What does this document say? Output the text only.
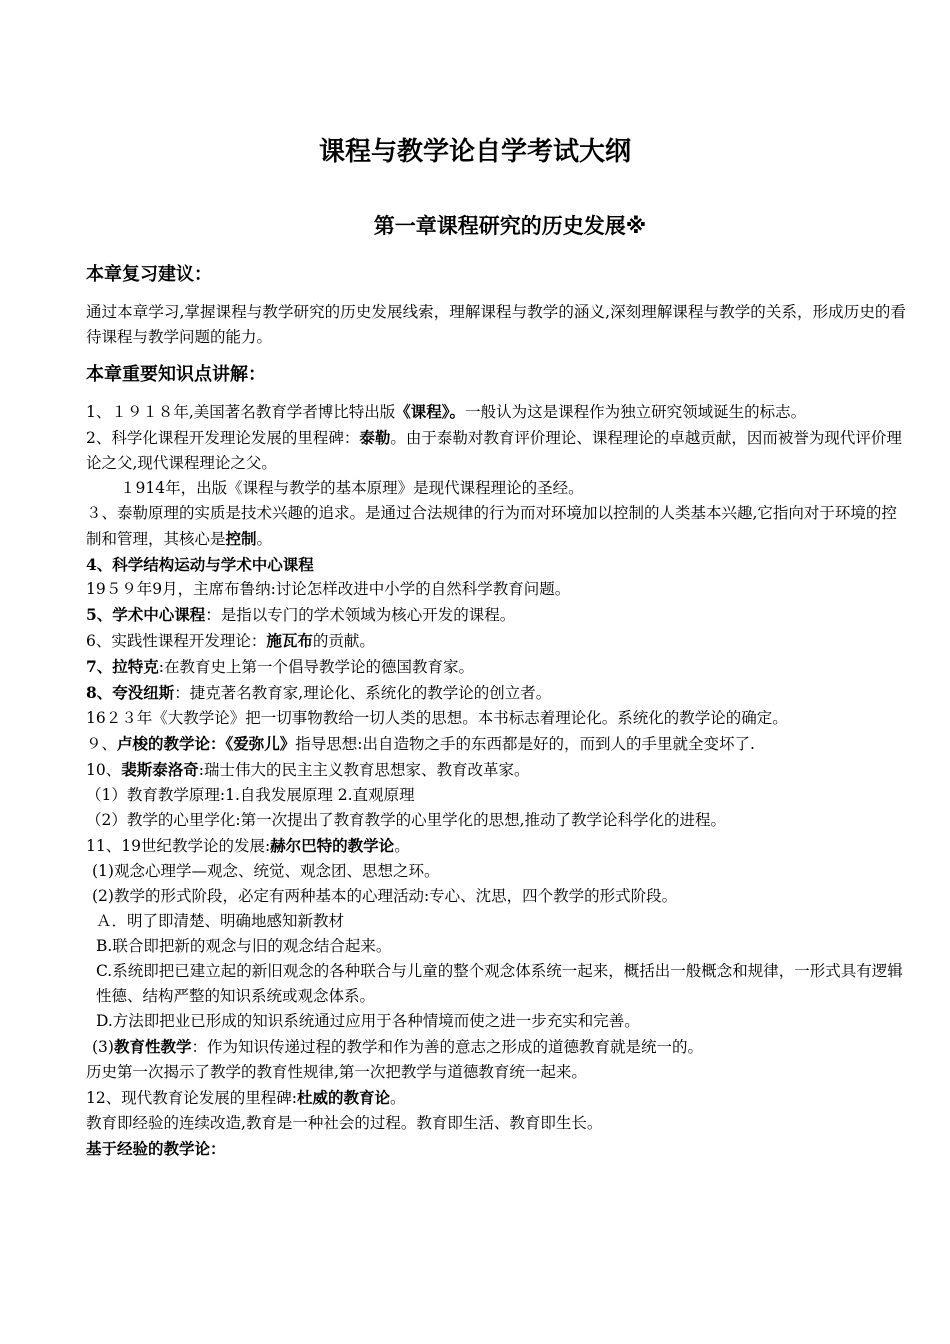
课程与教学论自学考试大纲
第一章课程研究的历史发展※
本章复习建议：
通过本章学习,掌握课程与教学研究的历史发展线索，理解课程与教学的涵义,深刻理解课程与教学的关系，形成历史的看待课程与教学问题的能力。
本章重要知识点讲解：

1、１９１８年,美国著名教育学者博比特出版《课程》。一般认为这是课程作为独立研究领域诞生的标志。

2、科学化课程开发理论发展的里程碑：泰勒。由于泰勒对教育评价理论、课程理论的卓越贡献，因而被誉为现代评价理论之父,现代课程理论之父。

１914年，出版《课程与教学的基本原理》是现代课程理论的圣经。

３、泰勒原理的实质是技术兴趣的追求。是通过合法规律的行为而对环境加以控制的人类基本兴趣,它指向对于环境的控制和管理，其核心是控制。

4、科学结构运动与学术中心课程

19５９年9月，主席布鲁纳:讨论怎样改进中小学的自然科学教育问题。

5、学术中心课程：是指以专门的学术领域为核心开发的课程。

6、实践性课程开发理论：施瓦布的贡献。

7、拉特克:在教育史上第一个倡导教学论的德国教育家。

8、夸没纽斯：捷克著名教育家,理论化、系统化的教学论的创立者。

16２３年《大教学论》把一切事物教给一切人类的思想。本书标志着理论化。系统化的教学论的确定。

９、卢梭的教学论：《爱弥儿》指导思想:出自造物之手的东西都是好的，而到人的手里就全变坏了.

10、裴斯泰洛奇:瑞士伟大的民主主义教育思想家、教育改革家。

（1）教育教学原理:1.自我发展原理 2.直观原理

（2）教学的心里学化:第一次提出了教育教学的心里学化的思想,推动了教学论科学化的进程。

11、19世纪教学论的发展:赫尔巴特的教学论。

(1)观念心理学—观念、统觉、观念团、思想之环。

(2)教学的形式阶段，必定有两种基本的心理活动:专心、沈思，四个教学的形式阶段。

Ａ．明了即清楚、明确地感知新教材

B.联合即把新的观念与旧的观念结合起来。

C.系统即把已建立起的新旧观念的各种联合与儿童的整个观念体系统一起来，概括出一般概念和规律，一形式具有逻辑性德、结构严整的知识系统或观念体系。

D.方法即把业已形成的知识系统通过应用于各种情境而使之进一步充实和完善。

(3)教育性教学：作为知识传递过程的教学和作为善的意志之形成的道德教育就是统一的。

历史第一次揭示了教学的教育性规律,第一次把教学与道德教育统一起来。

12、现代教育论发展的里程碑:杜威的教育论。

教育即经验的连续改造,教育是一种社会的过程。教育即生活、教育即生长。

基于经验的教学论：
